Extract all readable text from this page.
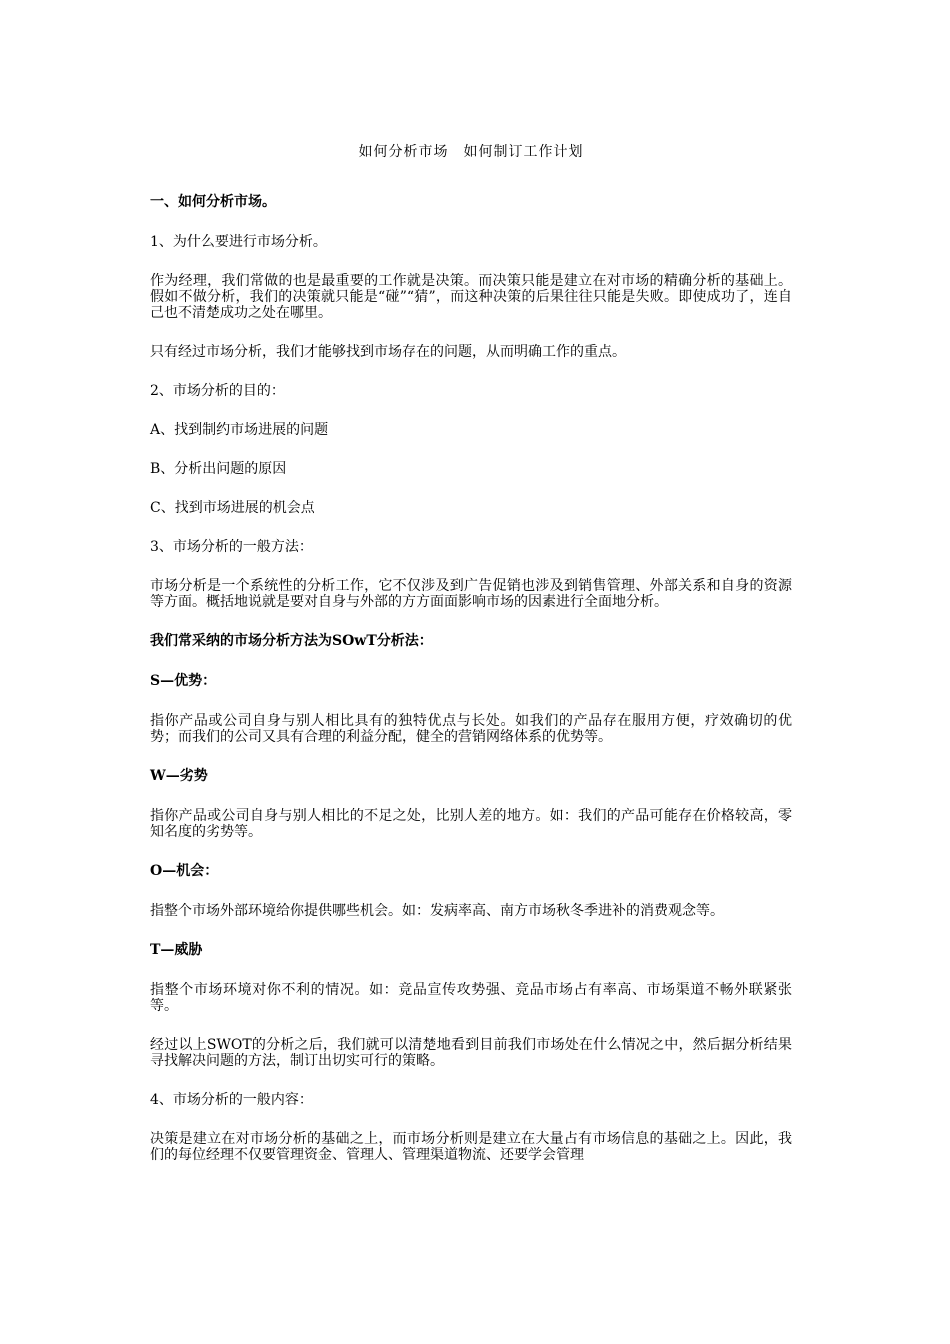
如何分析市场　如何制订工作计划
一、如何分析市场。
1、为什么要进行市场分析。
作为经理，我们常做的也是最重要的工作就是决策。而决策只能是建立在对市场的精确分析的基础上。假如不做分析，我们的决策就只能是“碰”“猜”，而这种决策的后果往往只能是失败。即使成功了，连自己也不清楚成功之处在哪里。
只有经过市场分析，我们才能够找到市场存在的问题，从而明确工作的重点。
2、市场分析的目的：
A、找到制约市场进展的问题
B、分析出问题的原因
C、找到市场进展的机会点
3、市场分析的一般方法：
市场分析是一个系统性的分析工作，它不仅涉及到广告促销也涉及到销售管理、外部关系和自身的资源等方面。概括地说就是要对自身与外部的方方面面影响市场的因素进行全面地分析。
我们常采纳的市场分析方法为SOwT分析法：
S—优势：
指你产品或公司自身与别人相比具有的独特优点与长处。如我们的产品存在服用方便，疗效确切的优势；而我们的公司又具有合理的利益分配，健全的营销网络体系的优势等。
W—劣势
指你产品或公司自身与别人相比的不足之处，比别人差的地方。如：我们的产品可能存在价格较高，零知名度的劣势等。
O—机会：
指整个市场外部环境给你提供哪些机会。如：发病率高、南方市场秋冬季进补的消费观念等。
T—威胁
指整个市场环境对你不利的情况。如：竞品宣传攻势强、竞品市场占有率高、市场渠道不畅外联紧张等。
经过以上SWOT的分析之后，我们就可以清楚地看到目前我们市场处在什么情况之中，然后据分析结果寻找解决问题的方法，制订出切实可行的策略。
4、市场分析的一般内容：
决策是建立在对市场分析的基础之上，而市场分析则是建立在大量占有市场信息的基础之上。因此，我们的每位经理不仅要管理资金、管理人、管理渠道物流、还要学会管理
